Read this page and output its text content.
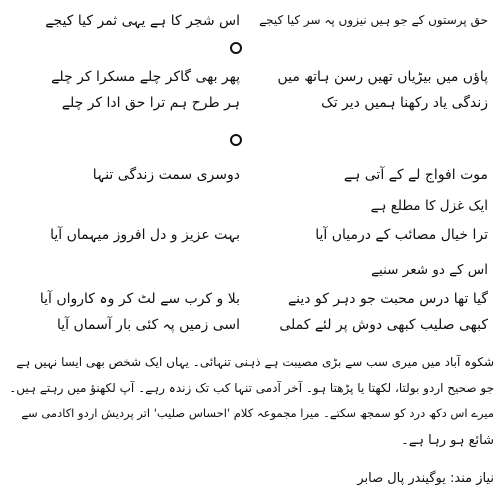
حق پرستوں کے جو ہیں نیزوں پہ سر کیا کیجے
اس شجر کا ہے یہی ثمر کیا کیجے
پاؤں میں بیڑیاں تھیں رسن ہاتھ میں
پھر بھی گاکر چلے مسکرا کر چلے
زندگی یاد رکھنا ہمیں دیر تک
ہر طرح ہم ترا حق ادا کر چلے
موت افواج لے کے آتی ہے
دوسری سمت زندگی تنہا
ایک غزل کا مطلع ہے
ترا خیال مصائب کے درمیاں آیا
بہت عزیز و دل افروز میہماں آیا
اس کے دو شعر سنیے
گیا تھا درس محبت جو دہر کو دینے
بلا و کرب سے لٹ کر وہ کارواں آیا
کبھی صلیب کبھی دوش پر لئے کملی
اسی زمیں پہ کئی بار آسماں آیا
شکوہ آباد میں میری سب سے بڑی مصیبت ہے ذہنی تنہائی۔ یہاں ایک شخص بھی ایسا نہیں ہے
جو صحیح اردو بولتا، لکھتا یا پڑھتا ہو۔ آخر آدمی تنہا کب تک زندہ رہے۔ آپ لکھنؤ میں رہتے ہیں۔
میرے اس دکھ درد کو سمجھ سکتے۔ میرا مجموعہ کلام 'احساس صلیب' اتر پردیش اردو اکادمی سے
شائع ہو رہا ہے۔
نیاز مند: یوگیندر پال صابر
